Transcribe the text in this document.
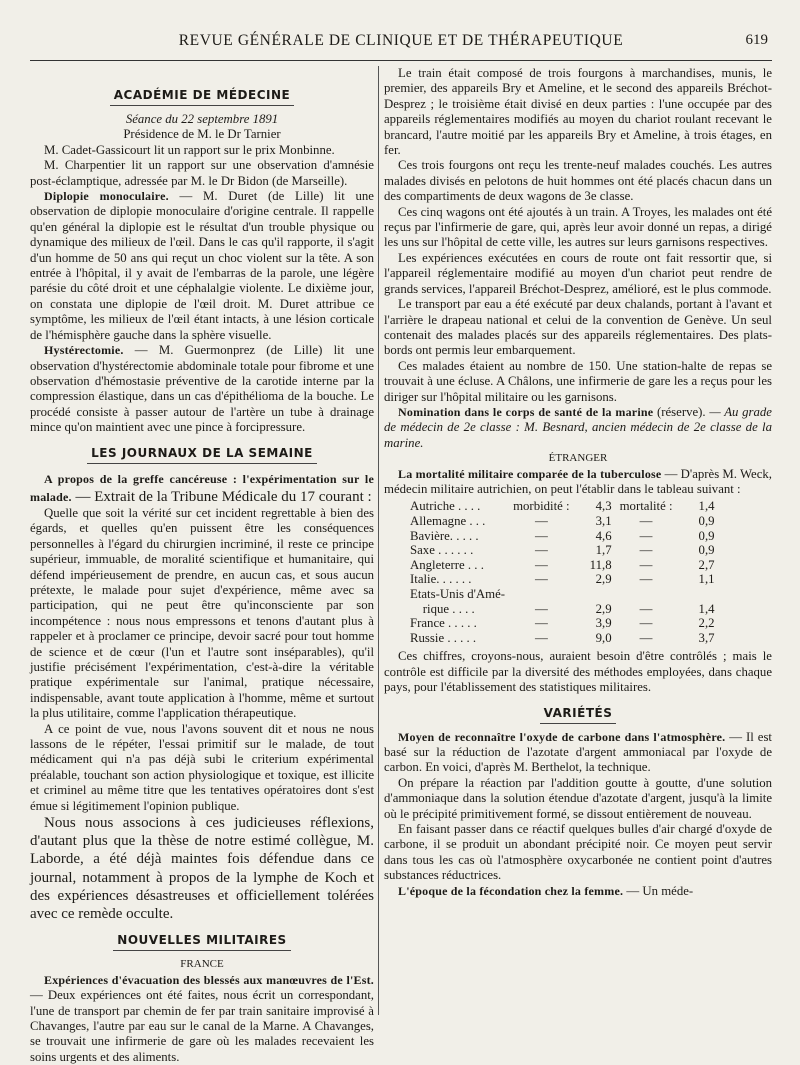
REVUE GÉNÉRALE DE CLINIQUE ET DE THÉRAPEUTIQUE	619
ACADÉMIE DE MÉDECINE

Séance du 22 septembre 1891

Présidence de M. le Dr Tarnier

M. Cadet-Gassicourt lit un rapport sur le prix Monbinne.

M. Charpentier lit un rapport sur une observation d'amnésie post-éclamptique, adressée par M. le Dr Bidon (de Marseille).

Diplopie monoculaire. — M. Duret (de Lille) lit une observation de diplopie monoculaire d'origine centrale. Il rappelle qu'en général la diplopie est le résultat d'un trouble physique ou dynamique des milieux de l'œil. Dans le cas qu'il rapporte, il s'agit d'un homme de 50 ans qui reçut un choc violent sur la tête. A son entrée à l'hôpital, il y avait de l'embarras de la parole, une légère parésie du côté droit et une céphalalgie violente. Le dixième jour, on constata une diplopie de l'œil droit. M. Duret attribue ce symptôme, les milieux de l'œil étant intacts, à une lésion corticale de l'hémisphère gauche dans la sphère visuelle.

Hystérectomie. — M. Guermonprez (de Lille) lit une observation d'hystérectomie abdominale totale pour fibrome et une observation d'hémostasie préventive de la carotide interne par la compression élastique, dans un cas d'épithélioma de la bouche. Le procédé consiste à passer autour de l'artère un tube à drainage mince qu'on maintient avec une pince à forcipressure.

LES JOURNAUX DE LA SEMAINE

A propos de la greffe cancéreuse : l'expérimentation sur le malade. — Extrait de la Tribune Médicale du 17 courant :

Quelle que soit la vérité sur cet incident regrettable à bien des égards, et quelles qu'en puissent être les conséquences personnelles à l'égard du chirurgien incriminé, il reste ce principe supérieur, immuable, de moralité scientifique et humanitaire, qui défend impérieusement de prendre, en aucun cas, et sous aucun prétexte, le malade pour sujet d'expérience, même avec sa participation, qui ne peut être qu'inconsciente par son incompétence : nous nous empressons et tenons d'autant plus à rappeler et à proclamer ce principe, devoir sacré pour tout homme de science et de cœur (l'un et l'autre sont inséparables), qu'il justifie précisément l'expérimentation, c'est-à-dire la véritable pratique expérimentale sur l'animal, pratique nécessaire, indispensable, avant toute application à l'homme, même et surtout la plus utilitaire, comme l'application thérapeutique.

A ce point de vue, nous l'avons souvent dit et nous ne nous lassons de le répéter, l'essai primitif sur le malade, de tout médicament qui n'a pas déjà subi le criterium expérimental préalable, touchant son action physiologique et toxique, est illicite et criminel au même titre que les tentatives opératoires dont s'est émue si légitimement l'opinion publique.

Nous nous associons à ces judicieuses réflexions, d'autant plus que la thèse de notre estimé collègue, M. Laborde, a été déjà maintes fois défendue dans ce journal, notamment à propos de la lymphe de Koch et des expériences désastreuses et officiellement tolérées avec ce remède occulte.

NOUVELLES MILITAIRES

FRANCE

Expériences d'évacuation des blessés aux manœuvres de l'Est. — Deux expériences ont été faites, nous écrit un correspondant, l'une de transport par chemin de fer par train sanitaire improvisé à Chavanges, l'autre par eau sur le canal de la Marne. A Chavanges, se trouvait une infirmerie de gare où les malades recevaient les soins urgents et des aliments.

Le train était composé de trois fourgons à marchandises, munis, le premier, des appareils Bry et Ameline, et le second des appareils Bréchot-Desprez ; le troisième était divisé en deux parties : l'une occupée par des appareils réglementaires modifiés au moyen du chariot roulant recevant le brancard, l'autre moitié par les appareils Bry et Ameline, à trois étages, en fer.

Ces trois fourgons ont reçu les trente-neuf malades couchés. Les autres malades divisés en pelotons de huit hommes ont été placés chacun dans un des compartiments de deux wagons de 3e classe.

Ces cinq wagons ont été ajoutés à un train. A Troyes, les malades ont été reçus par l'infirmerie de gare, qui, après leur avoir donné un repas, a dirigé les uns sur l'hôpital de cette ville, les autres sur leurs garnisons respectives.

Les expériences exécutées en cours de route ont fait ressortir que, si l'appareil réglementaire modifié au moyen d'un chariot peut rendre de grands services, l'appareil Bréchot-Desprez, amélioré, est le plus commode.

Le transport par eau a été exécuté par deux chalands, portant à l'avant et l'arrière le drapeau national et celui de la convention de Genève. Un seul contenait des malades placés sur des appareils réglementaires. Des plats-bords ont permis leur embarquement.

Ces malades étaient au nombre de 150. Une station-halte de repas se trouvait à une écluse. A Châlons, une infirmerie de gare les a reçus pour les diriger sur l'hôpital militaire ou les garnisons.

Nomination dans le corps de santé de la marine (réserve). — Au grade de médecin de 2e classe : M. Besnard, ancien médecin de 2e classe de la marine.

ÉTRANGER

La mortalité militaire comparée de la tuberculose — D'après M. Weck, médecin militaire autrichien, on peut l'établir dans le tableau suivant :

Autriche . . . .	morbidité :	4,3	mortalité :	1,4
Allemagne . . .	—	3,1	—	0,9
Bavière. . . . .	—	4,6	—	0,9
Saxe . . . . . .	—	1,7	—	0,9
Angleterre . . .	—	11,8	—	2,7
Italie. . . . . .	—	2,9	—	1,1
Etats-Unis d'Amé-				
rique . . . .	—	2,9	—	1,4
France . . . . .	—	3,9	—	2,2
Russie . . . . .	—	9,0	—	3,7

Ces chiffres, croyons-nous, auraient besoin d'être contrôlés ; mais le contrôle est difficile par la diversité des méthodes employées, dans chaque pays, pour l'établissement des statistiques militaires.

VARIÉTÉS

Moyen de reconnaître l'oxyde de carbone dans l'atmosphère. — Il est basé sur la réduction de l'azotate d'argent ammoniacal par l'oxyde de carbon. En voici, d'après M. Berthelot, la technique.

On prépare la réaction par l'addition goutte à goutte, d'une solution d'ammoniaque dans la solution étendue d'azotate d'argent, jusqu'à la limite où le précipité primitivement formé, se dissout entièrement de nouveau.

En faisant passer dans ce réactif quelques bulles d'air chargé d'oxyde de carbone, il se produit un abondant précipité noir. Ce moyen peut servir dans tous les cas où l'atmosphère oxycarbonée ne contient point d'autres substances réductrices.

L'époque de la fécondation chez la femme. — Un méde-
